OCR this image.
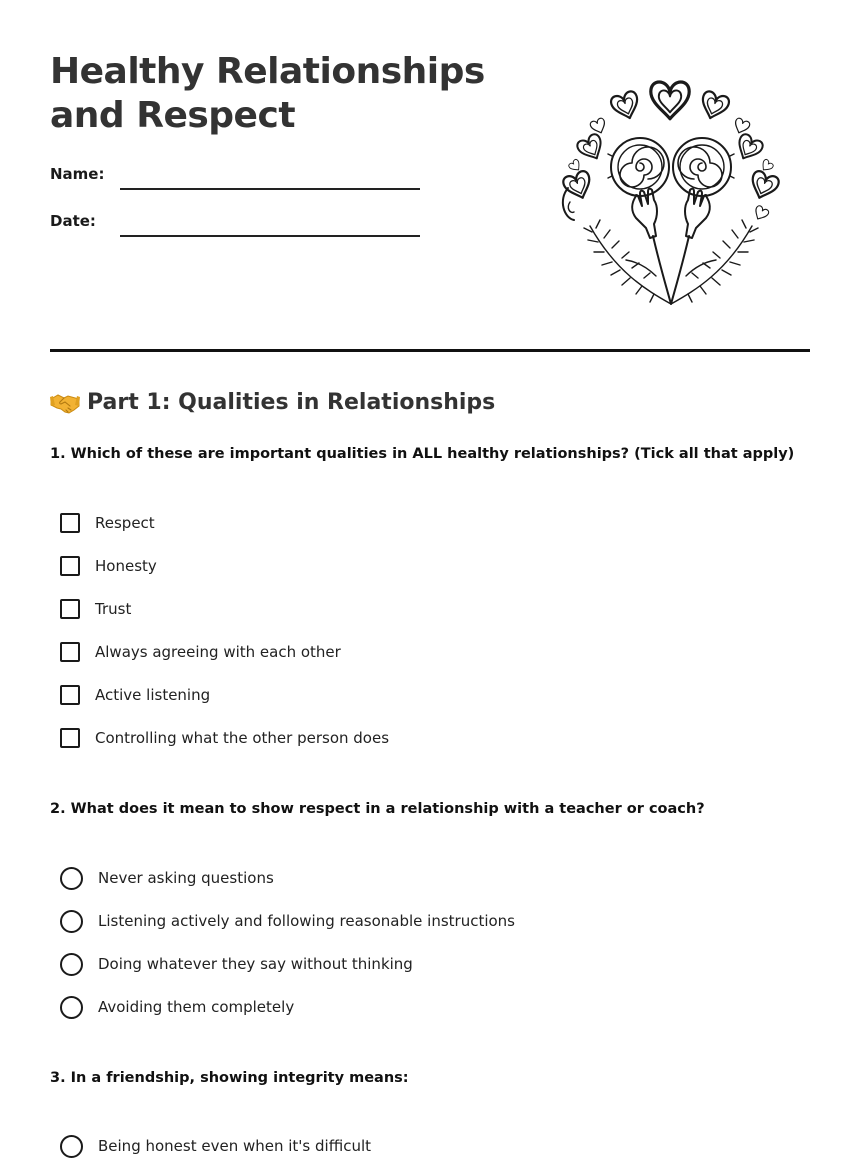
Healthy Relationships
and Respect
Name:
Date:
Part 1: Qualities in Relationships

1. Which of these are important qualities in ALL healthy relationships? (Tick all that apply)

Respect
Honesty
Trust
Always agreeing with each other
Active listening
Controlling what the other person does

2. What does it mean to show respect in a relationship with a teacher or coach?

Never asking questions
Listening actively and following reasonable instructions
Doing whatever they say without thinking
Avoiding them completely

3. In a friendship, showing integrity means:

Being honest even when it's difficult
